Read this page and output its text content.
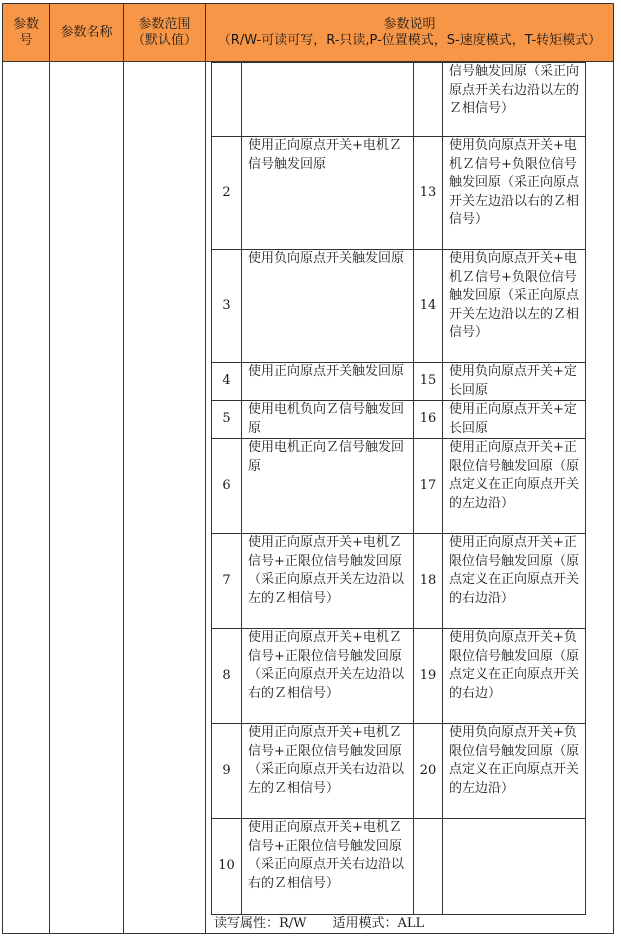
参数号	参数名称	参数范围（默认值）	
参数说明
（R/W-可读可写，R-只读,P-位置模式，S-速度模式，T-转矩模式）

			信号触发回原（采正向原点开关右边沿以左的Ｚ相信号）
2	使用正向原点开关+电机Ｚ信号触发回原	13	使用负向原点开关+电机Ｚ信号+负限位信号触发回原（采正向原点开关左边沿以右的Ｚ相信号）
3	使用负向原点开关触发回原	14	使用负向原点开关+电机Ｚ信号+负限位信号触发回原（采正向原点开关左边沿以左的Ｚ相信号）
4	使用正向原点开关触发回原	15	使用负向原点开关+定长回原
5	使用电机负向Ｚ信号触发回原	16	使用正向原点开关+定长回原
6	使用电机正向Ｚ信号触发回原	17	使用正向原点开关+正限位信号触发回原（原点定义在正向原点开关的左边沿）
7	使用正向原点开关+电机Ｚ信号+正限位信号触发回原（采正向原点开关左边沿以左的Ｚ相信号）	18	使用正向原点开关+正限位信号触发回原（原点定义在正向原点开关的右边沿）
8	使用正向原点开关+电机Ｚ信号+正限位信号触发回原（采正向原点开关左边沿以右的Ｚ相信号）	19	使用负向原点开关+负限位信号触发回原（原点定义在正向原点开关的右边）
9	使用正向原点开关+电机Ｚ信号+正限位信号触发回原（采正向原点开关右边沿以左的Ｚ相信号）	20	使用负向原点开关+负限位信号触发回原（原点定义在正向原点开关的左边沿）
10	使用正向原点开关+电机Ｚ信号+正限位信号触发回原（采正向原点开关右边沿以右的Ｚ相信号）		
读写属性：R/W 适用模式：ALL
